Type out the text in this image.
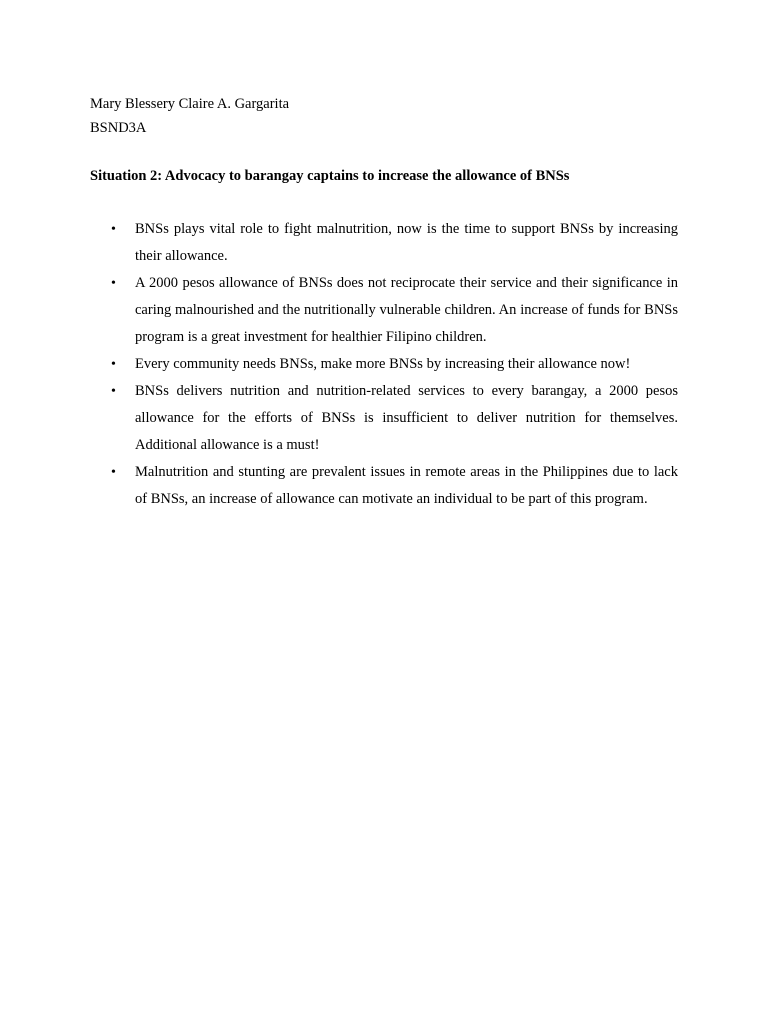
Mary Blessery Claire A. Gargarita

BSND3A

Situation 2: Advocacy to barangay captains to increase the allowance of BNSs

• BNSs plays vital role to fight malnutrition, now is the time to support BNSs by increasing their allowance.
• A 2000 pesos allowance of BNSs does not reciprocate their service and their significance in caring malnourished and the nutritionally vulnerable children. An increase of funds for BNSs program is a great investment for healthier Filipino children.
• Every community needs BNSs, make more BNSs by increasing their allowance now!
• BNSs delivers nutrition and nutrition-related services to every barangay, a 2000 pesos allowance for the efforts of BNSs is insufficient to deliver nutrition for themselves. Additional allowance is a must!
• Malnutrition and stunting are prevalent issues in remote areas in the Philippines due to lack of BNSs, an increase of allowance can motivate an individual to be part of this program.
